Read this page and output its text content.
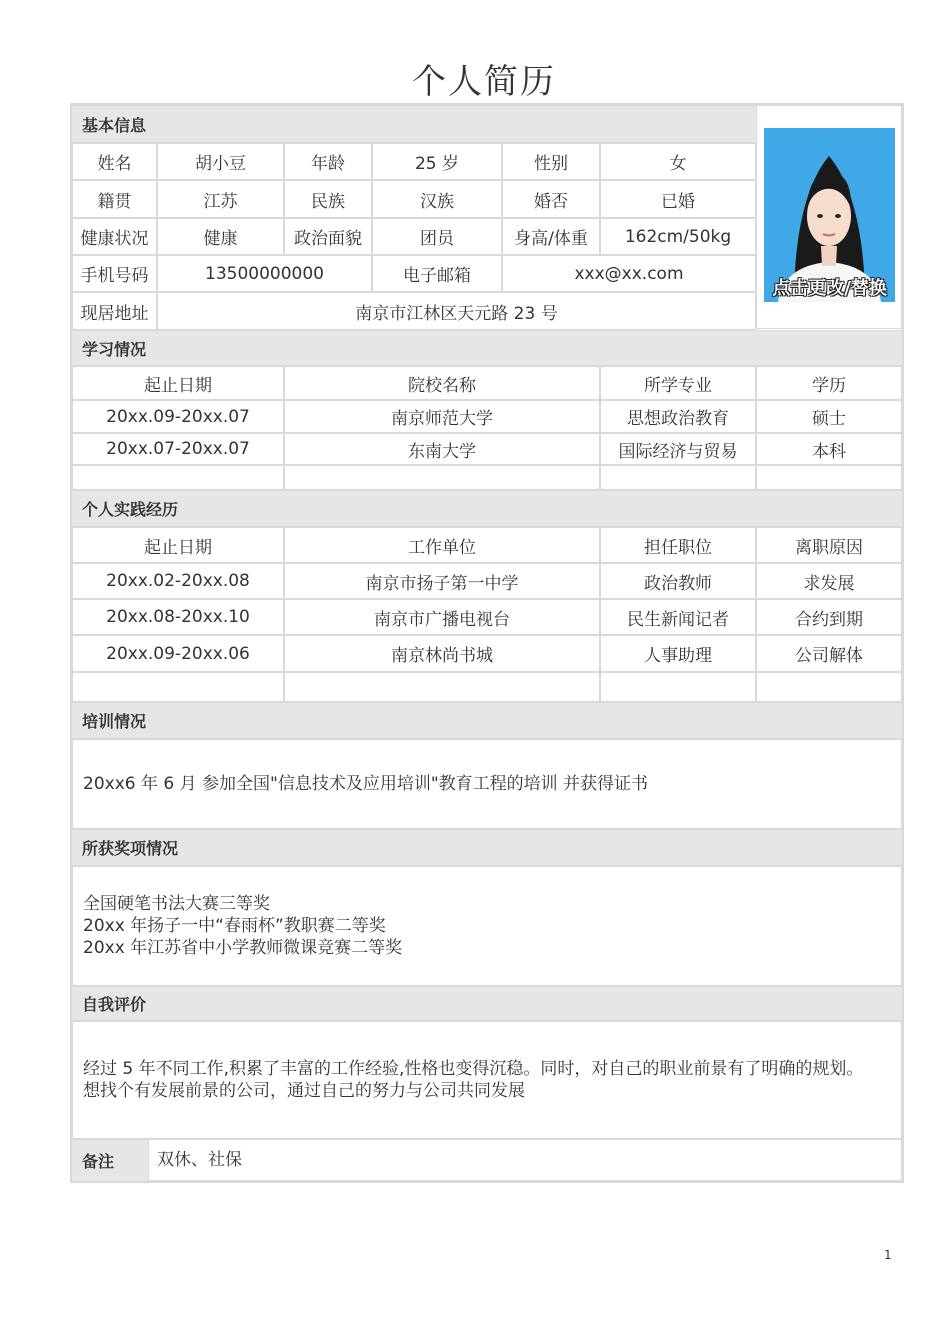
个人简历
基本信息
姓名	胡小豆	年龄	25 岁	性别	女
籍贯	江苏	民族	汉族	婚否	已婚
健康状况	健康	政治面貌	团员	身高/体重	162cm/50kg
手机号码	13500000000	电子邮箱	xxx@xx.com
现居地址	南京市江林区天元路 23 号
点击更改/替换
学习情况
起止日期	院校名称	所学专业	学历
20xx.09-20xx.07	南京师范大学	思想政治教育	硕士
20xx.07-20xx.07	东南大学	国际经济与贸易	本科
个人实践经历
起止日期	工作单位	担任职位	离职原因
20xx.02-20xx.08	南京市扬子第一中学	政治教师	求发展
20xx.08-20xx.10	南京市广播电视台	民生新闻记者	合约到期
20xx.09-20xx.06	南京林尚书城	人事助理	公司解体
培训情况
20xx6 年 6 月 参加全国"信息技术及应用培训"教育工程的培训 并获得证书
所获奖项情况
全国硬笔书法大赛三等奖
20xx 年扬子一中“春雨杯”教职赛二等奖
20xx 年江苏省中小学教师微课竞赛二等奖
自我评价
经过 5 年不同工作,积累了丰富的工作经验,性格也变得沉稳。同时，对自己的职业前景有了明确的规划。
想找个有发展前景的公司，通过自己的努力与公司共同发展
备注	双休、社保
1
